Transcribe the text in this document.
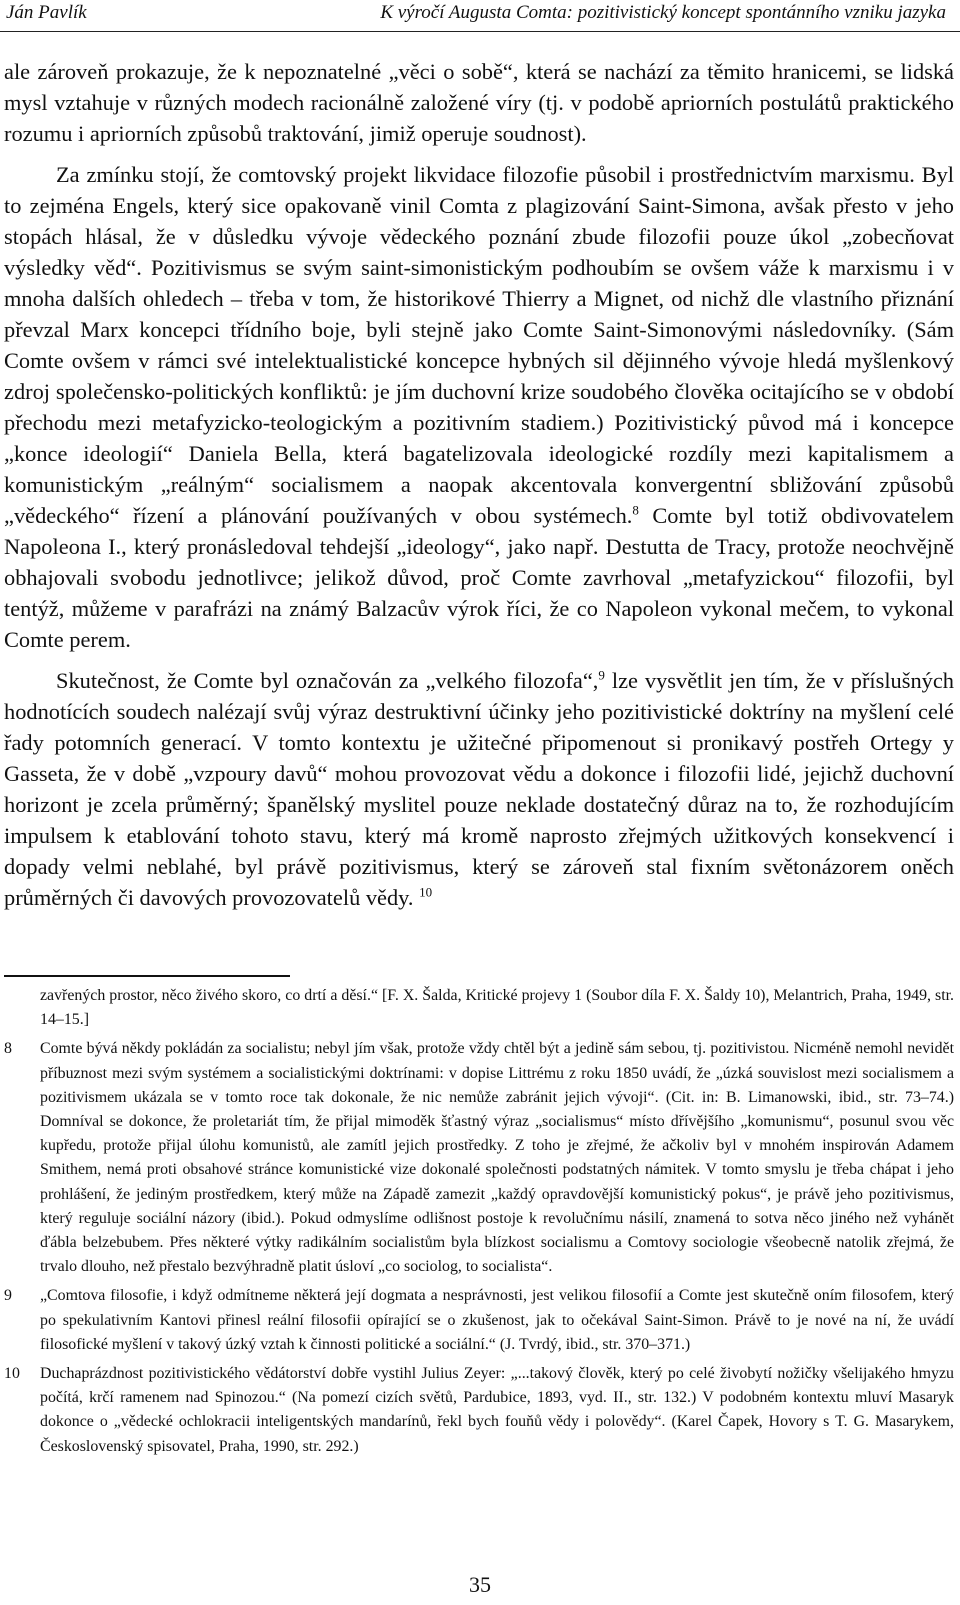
Ján Pavlík	K výročí Augusta Comta: pozitivistický koncept spontánního vzniku jazyka

ale zároveň prokazuje, že k nepoznatelné „věci o sobě“, která se nachází za těmito hranicemi, se lidská mysl vztahuje v různých modech racionálně založené víry (tj. v podobě apriorních postulátů praktického rozumu i apriorních způsobů traktování, jimiž operuje soudnost).

Za zmínku stojí, že comtovský projekt likvidace filozofie působil i prostřednictvím marxismu. Byl to zejména Engels, který sice opakovaně vinil Comta z plagizování Saint-Simona, avšak přesto v jeho stopách hlásal, že v důsledku vývoje vědeckého poznání zbude filozofii pouze úkol „zobecňovat výsledky věd“. Pozitivismus se svým saint-simonistickým podhoubím se ovšem váže k marxismu i v mnoha dalších ohledech – třeba v tom, že historikové Thierry a Mignet, od nichž dle vlastního přiznání převzal Marx koncepci třídního boje, byli stejně jako Comte Saint-Simonovými následovníky. (Sám Comte ovšem v rámci své intelektualistické koncepce hybných sil dějinného vývoje hledá myšlenkový zdroj společensko-politických konfliktů: je jím duchovní krize soudobého člověka ocitajícího se v období přechodu mezi metafyzicko-teologickým a pozitivním stadiem.) Pozitivistický původ má i koncepce „konce ideologií“ Daniela Bella, která bagatelizovala ideologické rozdíly mezi kapitalismem a komunistickým „reálným“ socialismem a naopak akcentovala konvergentní sbližování způsobů „vědeckého“ řízení a plánování používaných v obou systémech.$^8$ Comte byl totiž obdivovatelem Napoleona I., který pronásledoval tehdejší „ideology“, jako např. Destutta de Tracy, protože neochvějně obhajovali svobodu jednotlivce; jelikož důvod, proč Comte zavrhoval „metafyzickou“ filozofii, byl tentýž, můžeme v parafrázi na známý Balzacův výrok říci, že co Napoleon vykonal mečem, to vykonal Comte perem.

Skutečnost, že Comte byl označován za „velkého filozofa“,$^9$ lze vysvětlit jen tím, že v příslušných hodnotících soudech nalézají svůj výraz destruktivní účinky jeho pozitivistické doktríny na myšlení celé řady potomních generací. V tomto kontextu je užitečné připomenout si pronikavý postřeh Ortegy y Gasseta, že v době „vzpoury davů“ mohou provozovat vědu a dokonce i filozofii lidé, jejichž duchovní horizont je zcela průměrný; španělský myslitel pouze neklade dostatečný důraz na to, že rozhodujícím impulsem k etablování tohoto stavu, který má kromě naprosto zřejmých užitkových konsekvencí i dopady velmi neblahé, byl právě pozitivismus, který se zároveň stal fixním světonázorem oněch průměrných či davových provozovatelů vědy. $^{10}$

zavřených prostor, něco živého skoro, co drtí a děsí.“ [F. X. Šalda, Kritické projevy 1 (Soubor díla F. X. Šaldy 10), Melantrich, Praha, 1949, str. 14–15.]
8	Comte bývá někdy pokládán za socialistu; nebyl jím však, protože vždy chtěl být a jedině sám sebou, tj. pozitivistou. Nicméně nemohl nevidět příbuznost mezi svým systémem a socialistickými doktrínami: v dopise Littrému z roku 1850 uvádí, že „úzká souvislost mezi socialismem a pozitivismem ukázala se v tomto roce tak dokonale, že nic nemůže zabránit jejich vývoji“. (Cit. in: B. Limanowski, ibid., str. 73–74.) Domníval se dokonce, že proletariát tím, že přijal mimoděk šťastný výraz „socialismus“ místo dřívějšího „komunismu“, posunul svou věc kupředu, protože přijal úlohu komunistů, ale zamítl jejich prostředky. Z toho je zřejmé, že ačkoliv byl v mnohém inspirován Adamem Smithem, nemá proti obsahové stránce komunistické vize dokonalé společnosti podstatných námitek. V tomto smyslu je třeba chápat i jeho prohlášení, že jediným prostředkem, který může na Západě zamezit „každý opravdovější komunistický pokus“, je právě jeho pozitivismus, který reguluje sociální názory (ibid.). Pokud odmyslíme odlišnost postoje k revolučnímu násilí, znamená to sotva něco jiného než vyhánět ďábla belzebubem. Přes některé výtky radikálním socialistům byla blízkost socialismu a Comtovy sociologie všeobecně natolik zřejmá, že trvalo dlouho, než přestalo bezvýhradně platit úsloví „co sociolog, to socialista“.
9	„Comtova filosofie, i když odmítneme některá její dogmata a nesprávnosti, jest velikou filosofií a Comte jest skutečně oním filosofem, který po spekulativním Kantovi přinesl reální filosofii opírající se o zkušenost, jak to očekával Saint-Simon. Právě to je nové na ní, že uvádí filosofické myšlení v takový úzký vztah k činnosti politické a sociální.“ (J. Tvrdý, ibid., str. 370–371.)
10	Duchaprázdnost pozitivistického vědátorství dobře vystihl Julius Zeyer: „...takový člověk, který po celé živobytí nožičky všelijakého hmyzu počítá, krčí ramenem nad Spinozou.“ (Na pomezí cizích světů, Pardubice, 1893, vyd. II., str. 132.) V podobném kontextu mluví Masaryk dokonce o „vědecké ochlokracii inteligentských mandarínů, řekl bych fouňů vědy i polovědy“. (Karel Čapek, Hovory s T. G. Masarykem, Československý spisovatel, Praha, 1990, str. 292.)
35
